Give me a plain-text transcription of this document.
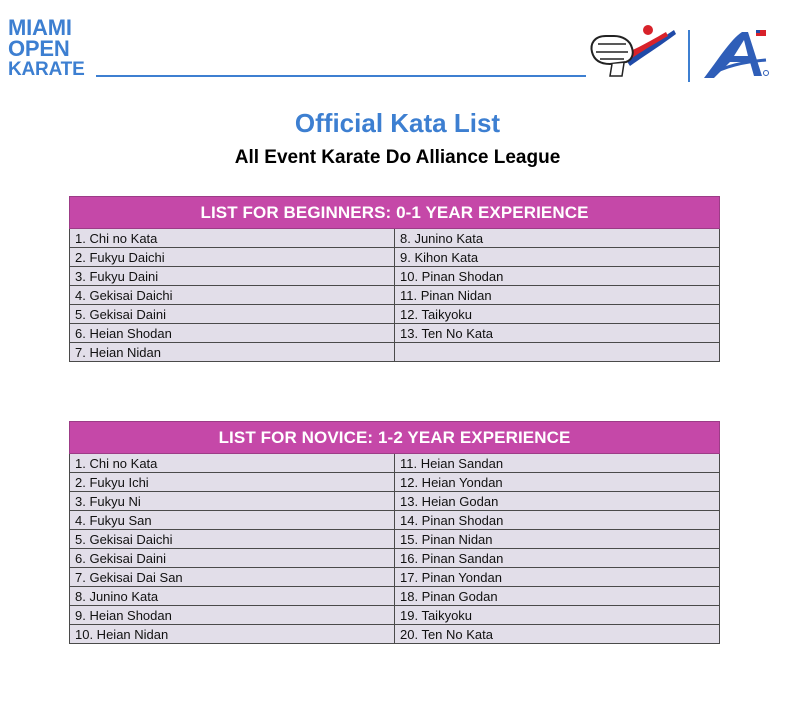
MIAMI
OPEN
KARATE
Official Kata List
All Event Karate Do Alliance League
LIST FOR BEGINNERS: 0-1 YEAR EXPERIENCE	
1. Chi no Kata	8. Junino Kata
2. Fukyu Daichi	9. Kihon Kata
3. Fukyu Daini	10. Pinan Shodan
4. Gekisai Daichi	11. Pinan Nidan
5. Gekisai Daini	12. Taikyoku
6. Heian Shodan	13. Ten No Kata
7. Heian Nidan	
LIST FOR NOVICE: 1-2 YEAR EXPERIENCE	
1. Chi no Kata	11. Heian Sandan
2. Fukyu Ichi	12. Heian Yondan
3. Fukyu Ni	13. Heian Godan
4. Fukyu San	14. Pinan Shodan
5. Gekisai Daichi	15. Pinan Nidan
6. Gekisai Daini	16. Pinan Sandan
7. Gekisai Dai San	17. Pinan Yondan
8. Junino Kata	18. Pinan Godan
9. Heian Shodan	19. Taikyoku
10. Heian Nidan	20. Ten No Kata
